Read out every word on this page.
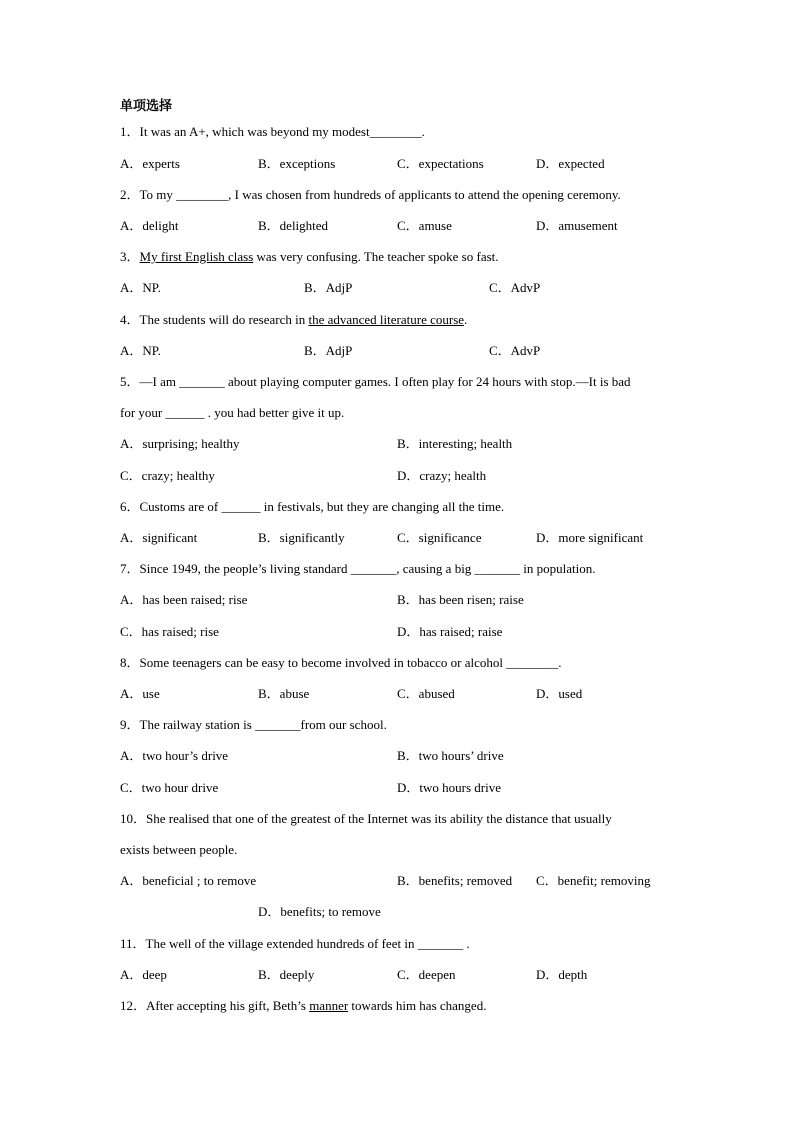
单项选择
1．It was an A+, which was beyond my modest________.
A．experts	B．exceptions	C．expectations	D．expected
2．To my ________, I was chosen from hundreds of applicants to attend the opening ceremony.
A．delight	B．delighted	C．amuse	D．amusement
3．My first English class was very confusing. The teacher spoke so fast.
A．NP.	B．AdjP	C．AdvP
4．The students will do research in the advanced literature course.
A．NP.	B．AdjP	C．AdvP
5．—I am _______ about playing computer games. I often play for 24 hours with stop.—It is bad
for your ______ . you had better give it up.
A．surprising; healthy	B．interesting; health
C．crazy; healthy	D．crazy; health
6．Customs are of ______ in festivals, but they are changing all the time.
A．significant	B．significantly	C．significance	D．more significant
7．Since 1949, the people’s living standard _______, causing a big _______ in population.
A．has been raised; rise	B．has been risen; raise
C．has raised; rise	D．has raised; raise
8．Some teenagers can be easy to become involved in tobacco or alcohol ________.
A．use	B．abuse	C．abused	D．used
9．The railway station is _______from our school.
A．two hour’s drive	B．two hours’ drive
C．two hour drive	D．two hours drive
10．She realised that one of the greatest of the Internet was its ability the distance that usually
exists between people.
A．beneficial ; to remove	B．benefits; removed C．benefit; removing
D．benefits; to remove
11．The well of the village extended hundreds of feet in _______ .
A．deep	B．deeply	C．deepen	D．depth
12．After accepting his gift, Beth’s manner towards him has changed.
